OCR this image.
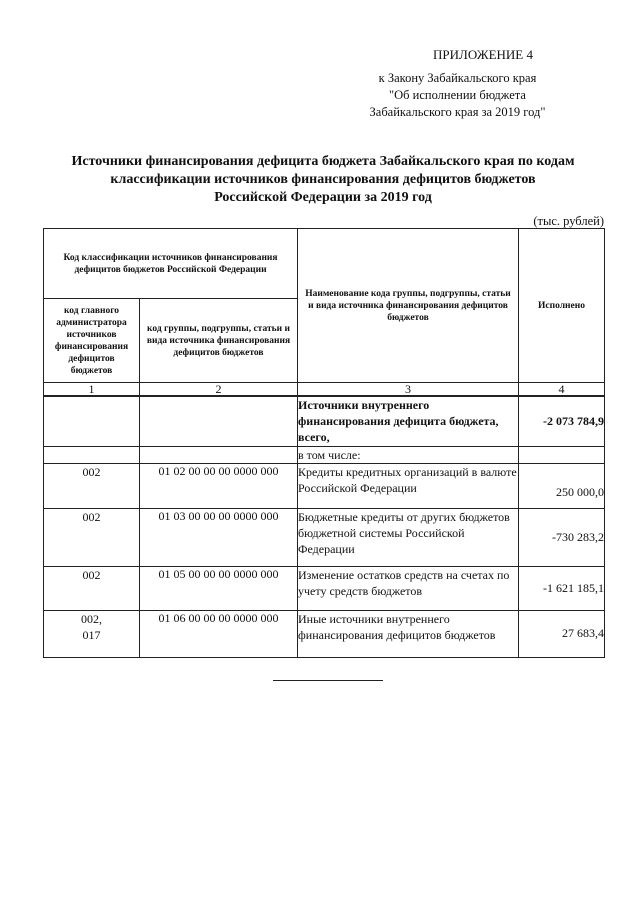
ПРИЛОЖЕНИЕ 4
к Закону Забайкальского края
"Об исполнении бюджета
Забайкальского края за 2019 год"
Источники финансирования дефицита бюджета Забайкальского края по кодам
классификации источников финансирования дефицитов бюджетов
Российской Федерации за 2019 год
(тыс. рублей)
Код классификации источников финансирования дефицитов бюджетов Российской Федерации		Наименование кода группы, подгруппы, статьи и вида источника финансирования дефицитов бюджетов	Исполнено
код главного администратора источников финансирования дефицитов бюджетов	код группы, подгруппы, статьи и вида источника финансирования дефицитов бюджетов		
1	2	3	4
		Источники внутреннего финансирования дефицита бюджета, всего,	-2 073 784,9
		в том числе:	
002	01 02 00 00 00 0000 000	Кредиты кредитных организаций в валюте Российской Федерации	250 000,0
002	01 03 00 00 00 0000 000	Бюджетные кредиты от других бюджетов бюджетной системы Российской Федерации	-730 283,2
002	01 05 00 00 00 0000 000	Изменение остатков средств на счетах по учету средств бюджетов	-1 621 185,1
002,
017	01 06 00 00 00 0000 000	Иные источники внутреннего финансирования дефицитов бюджетов	27 683,4
